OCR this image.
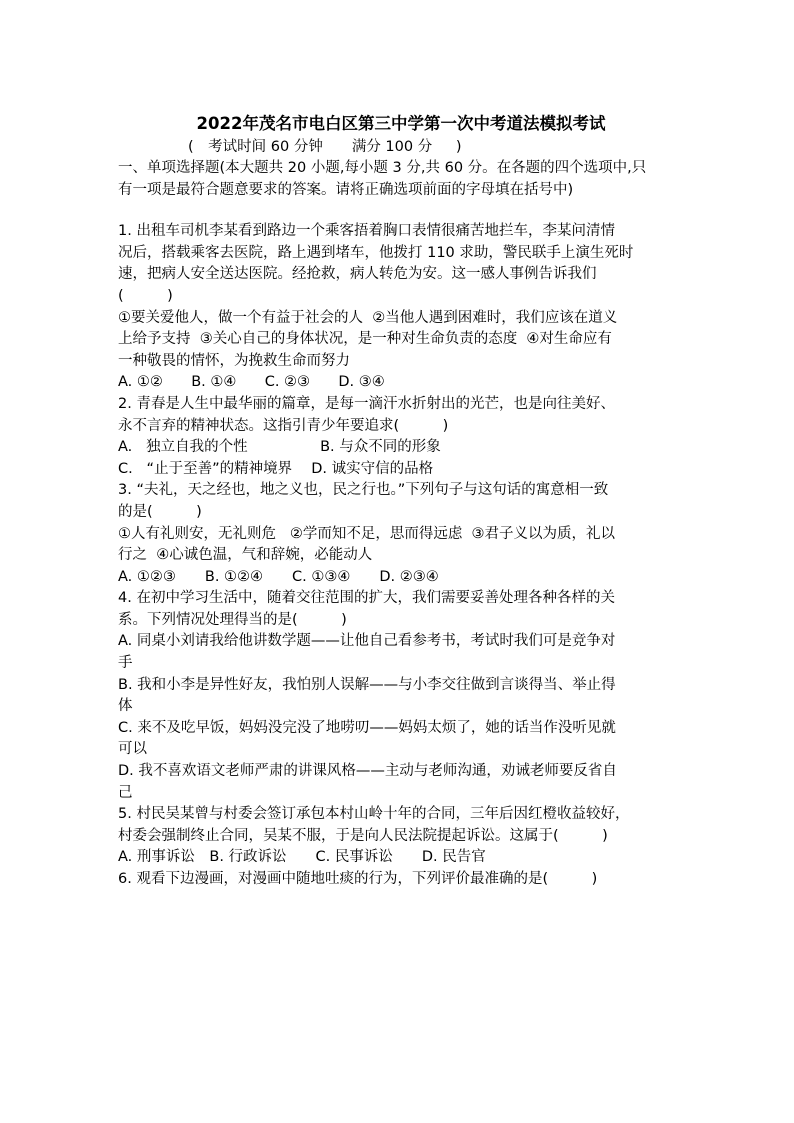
2022年茂名市电白区第三中学第一次中考道法模拟考试
(　考试时间 60 分钟　　满分 100 分　  )
一、单项选择题(本大题共 20 小题,每小题 3 分,共 60 分。在各题的四个选项中,只
有一项是最符合题意要求的答案。请将正确选项前面的字母填在括号中)
1. 出租车司机李某看到路边一个乘客捂着胸口表情很痛苦地拦车，李某问清情
况后，搭载乘客去医院，路上遇到堵车，他拨打 110 求助，警民联手上演生死时
速，把病人安全送达医院。经抢救，病人转危为安。这一感人事例告诉我们
(　　　)
①要关爱他人，做一个有益于社会的人  ②当他人遇到困难时，我们应该在道义
上给予支持  ③关心自己的身体状况，是一种对生命负责的态度  ④对生命应有
一种敬畏的情怀，为挽救生命而努力
A. ①②　   B. ①④　   C. ②③　   D. ③④
2. 青春是人生中最华丽的篇章，是每一滴汗水折射出的光芒，也是向往美好、
永不言弃的精神状态。这指引青少年要追求(　　　)
A.   独立自我的个性　　　　　B. 与众不同的形象
C.   “止于至善”的精神境界　 D. 诚实守信的品格
3. “夫礼，天之经也，地之义也，民之行也。”下列句子与这句话的寓意相一致
的是(　　　)
①人有礼则安，无礼则危   ②学而知不足，思而得远虑  ③君子义以为质，礼以
行之  ④心诚色温，气和辞婉，必能动人
A. ①②③　　B. ①②④　　C. ①③④　　D. ②③④
4. 在初中学习生活中，随着交往范围的扩大，我们需要妥善处理各种各样的关
系。下列情况处理得当的是(　　　)
A. 同桌小刘请我给他讲数学题——让他自己看参考书，考试时我们可是竞争对
手
B. 我和小李是异性好友，我怕别人误解——与小李交往做到言谈得当、举止得
体
C. 来不及吃早饭，妈妈没完没了地唠叨——妈妈太烦了，她的话当作没听见就
可以
D. 我不喜欢语文老师严肃的讲课风格——主动与老师沟通，劝诫老师要反省自
己
5. 村民吴某曾与村委会签订承包本村山岭十年的合同，三年后因红橙收益较好，
村委会强制终止合同，吴某不服，于是向人民法院提起诉讼。这属于(　　　)
A. 刑事诉讼　B. 行政诉讼　　C. 民事诉讼　　D. 民告官
6. 观看下边漫画，对漫画中随地吐痰的行为，下列评价最准确的是(　　　)
